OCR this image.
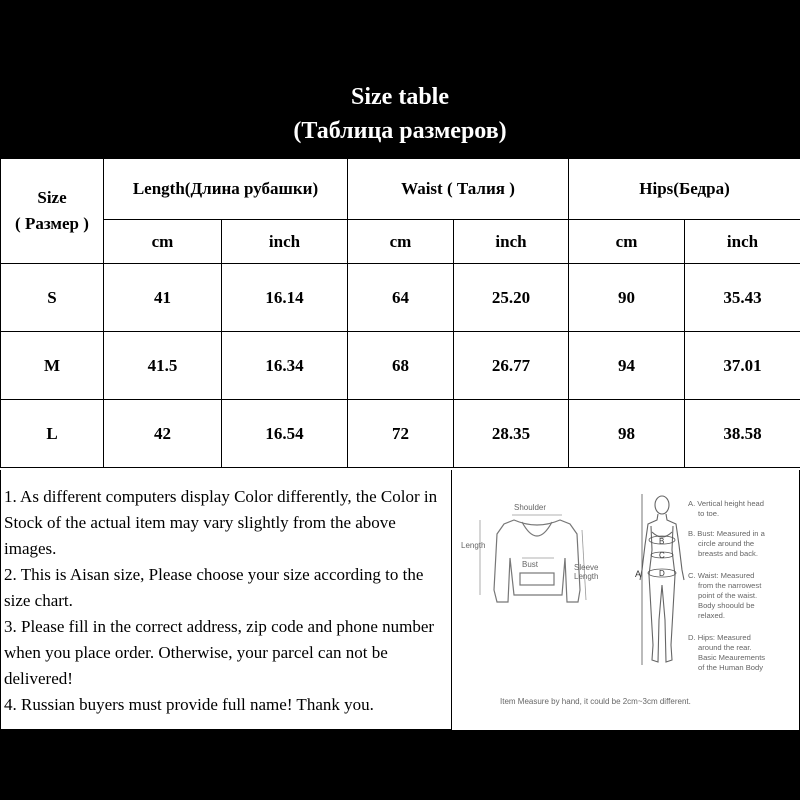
Size table
(Таблица размеров)
Size
( Размер )	Length(Длина рубашки)		Waist ( Талия )		Hips(Бедра)	
	cm	inch	cm	inch	cm	inch
S	41	16.14	64	25.20	90	35.43
M	41.5	16.34	68	26.77	94	37.01
L	42	16.54	72	28.35	98	38.58

1. As different computers display Color differently, the Color in Stock of the actual item may vary slightly from the above images.

2. This is Aisan size, Please choose your size according to the size chart.

3. Please fill in the correct address, zip code and phone number when you place order. Otherwise, your parcel can not be delivered!

4. Russian buyers must provide full name! Thank you.

Shoulder
Length
Bust	Sleeve
Length	A
B
C
D
A. Vertical height head
to toe.
B. Bust: Measured in a
circle around the
breasts and back.
C. Waist: Measured
from the narrowest
point of the waist.
Body shoould be
relaxed.
D. Hips: Measured
around the rear.
Basic Meaurements
of the Human Body
Item Measure by hand, it could be 2cm~3cm different.
